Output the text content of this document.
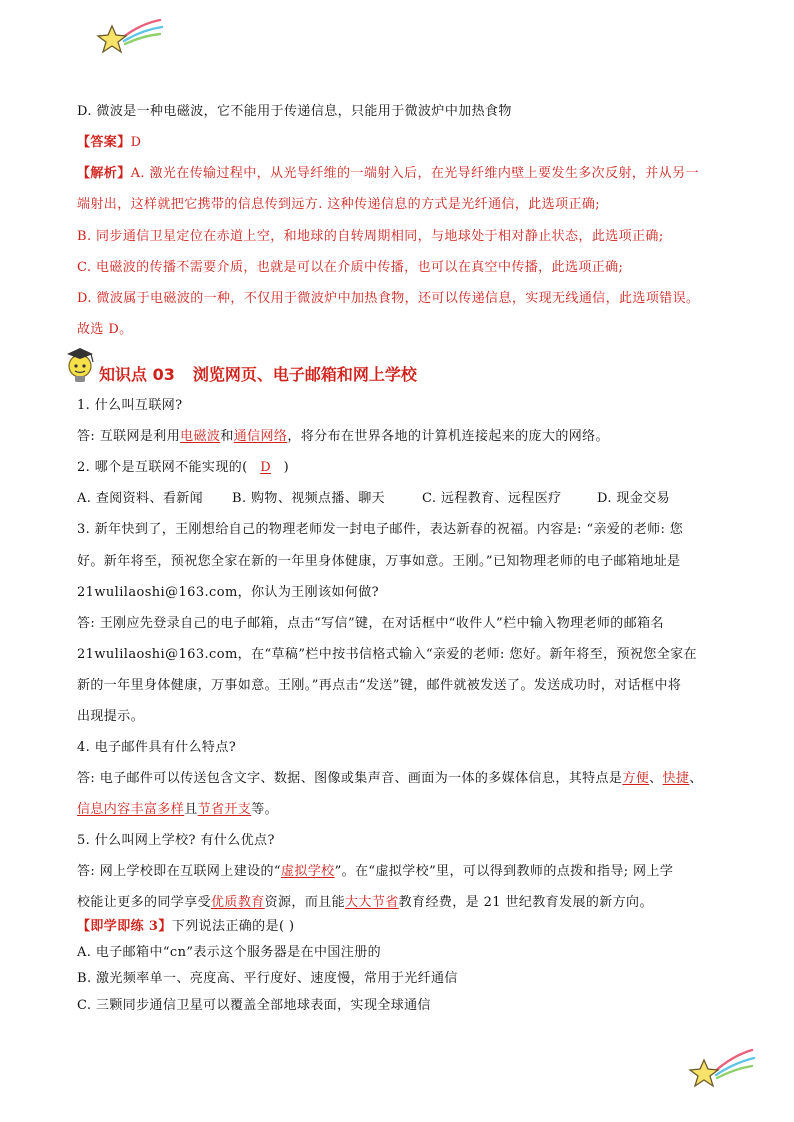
D. 微波是一种电磁波，它不能用于传递信息，只能用于微波炉中加热食物
【答案】D
【解析】A. 激光在传输过程中，从光导纤维的一端射入后，在光导纤维内壁上要发生多次反射，并从另一
端射出，这样就把它携带的信息传到远方. 这种传递信息的方式是光纤通信，此选项正确;
B. 同步通信卫星定位在赤道上空，和地球的自转周期相同，与地球处于相对静止状态，此选项正确;
C. 电磁波的传播不需要介质，也就是可以在介质中传播，也可以在真空中传播，此选项正确;
D. 微波属于电磁波的一种，不仅用于微波炉中加热食物，还可以传递信息，实现无线通信，此选项错误。
故选 D。
知识点 03 浏览网页、电子邮箱和网上学校
1. 什么叫互联网?
答: 互联网是利用电磁波和通信网络，将分布在世界各地的计算机连接起来的庞大的网络。
2. 哪个是互联网不能实现的( D )
A. 查阅资料、看新闻 B. 购物、视频点播、聊天	C. 远程教育、远程医疗	D. 现金交易
3. 新年快到了，王刚想给自己的物理老师发一封电子邮件，表达新春的祝福。内容是: “亲爱的老师: 您
好。新年将至，预祝您全家在新的一年里身体健康，万事如意。王刚。”已知物理老师的电子邮箱地址是
21wulilaoshi@163.com，你认为王刚该如何做?
答: 王刚应先登录自己的电子邮箱，点击“写信”键，在对话框中“收件人”栏中输入物理老师的邮箱名
21wulilaoshi@163.com，在“草稿”栏中按书信格式输入“亲爱的老师: 您好。新年将至，预祝您全家在
新的一年里身体健康，万事如意。王刚。”再点击“发送”键，邮件就被发送了。发送成功时，对话框中将
出现提示。
4. 电子邮件具有什么特点?
答: 电子邮件可以传送包含文字、数据、图像或集声音、画面为一体的多媒体信息，其特点是方便、快捷、
信息内容丰富多样且节省开支等。
5. 什么叫网上学校? 有什么优点?
答: 网上学校即在互联网上建设的“虚拟学校”。在“虚拟学校”里，可以得到教师的点拨和指导; 网上学
校能让更多的同学享受优质教育资源，而且能大大节省教育经费，是 21 世纪教育发展的新方向。
【即学即练 3】下列说法正确的是( )
A. 电子邮箱中“cn”表示这个服务器是在中国注册的
B. 激光频率单一、亮度高、平行度好、速度慢，常用于光纤通信
C. 三颗同步通信卫星可以覆盖全部地球表面，实现全球通信
